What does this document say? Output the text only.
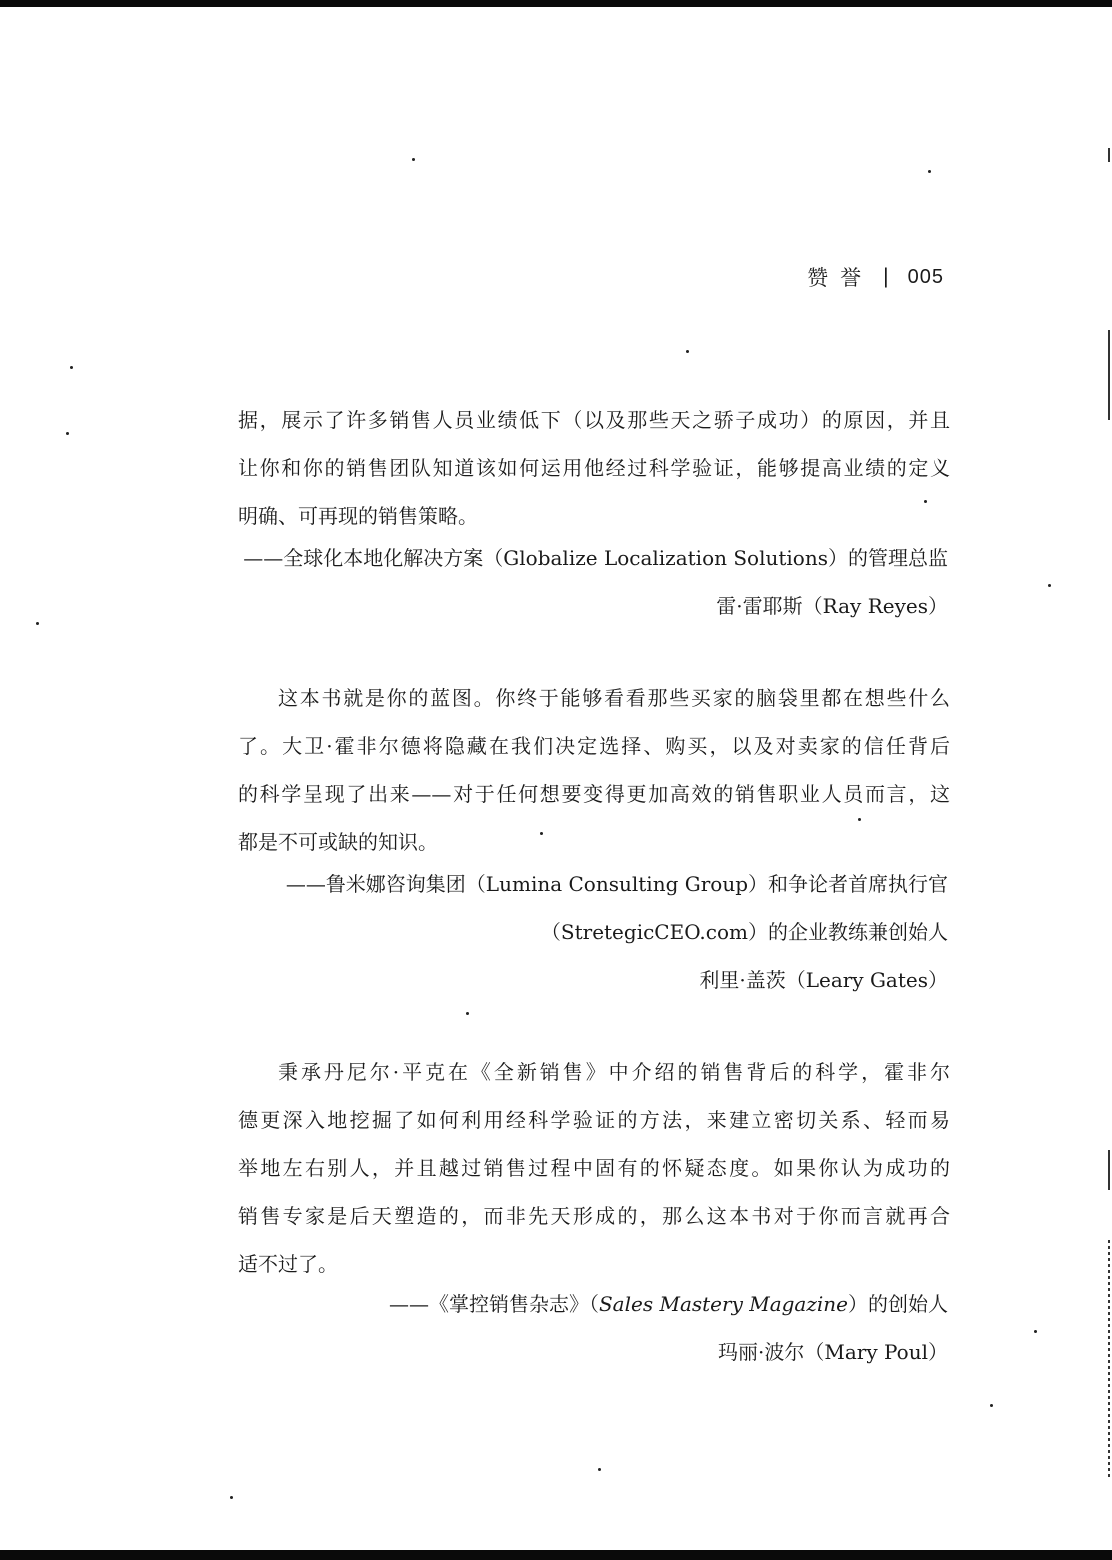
赞誉 | 005
据，展示了许多销售人员业绩低下（以及那些天之骄子成功）的原因，并且
让你和你的销售团队知道该如何运用他经过科学验证，能够提高业绩的定义
明确、可再现的销售策略。
——全球化本地化解决方案（Globalize Localization Solutions）的管理总监
雷·雷耶斯（Ray Reyes）
这本书就是你的蓝图。你终于能够看看那些买家的脑袋里都在想些什么
了。大卫·霍非尔德将隐藏在我们决定选择、购买，以及对卖家的信任背后
的科学呈现了出来——对于任何想要变得更加高效的销售职业人员而言，这
都是不可或缺的知识。
——鲁米娜咨询集团（Lumina Consulting Group）和争论者首席执行官
（StretegicCEO.com）的企业教练兼创始人
利里·盖茨（Leary Gates）
秉承丹尼尔·平克在《全新销售》中介绍的销售背后的科学，霍非尔
德更深入地挖掘了如何利用经科学验证的方法，来建立密切关系、轻而易
举地左右别人，并且越过销售过程中固有的怀疑态度。如果你认为成功的
销售专家是后天塑造的，而非先天形成的，那么这本书对于你而言就再合
适不过了。
——《掌控销售杂志》（Sales Mastery Magazine）的创始人
玛丽·波尔（Mary Poul）
